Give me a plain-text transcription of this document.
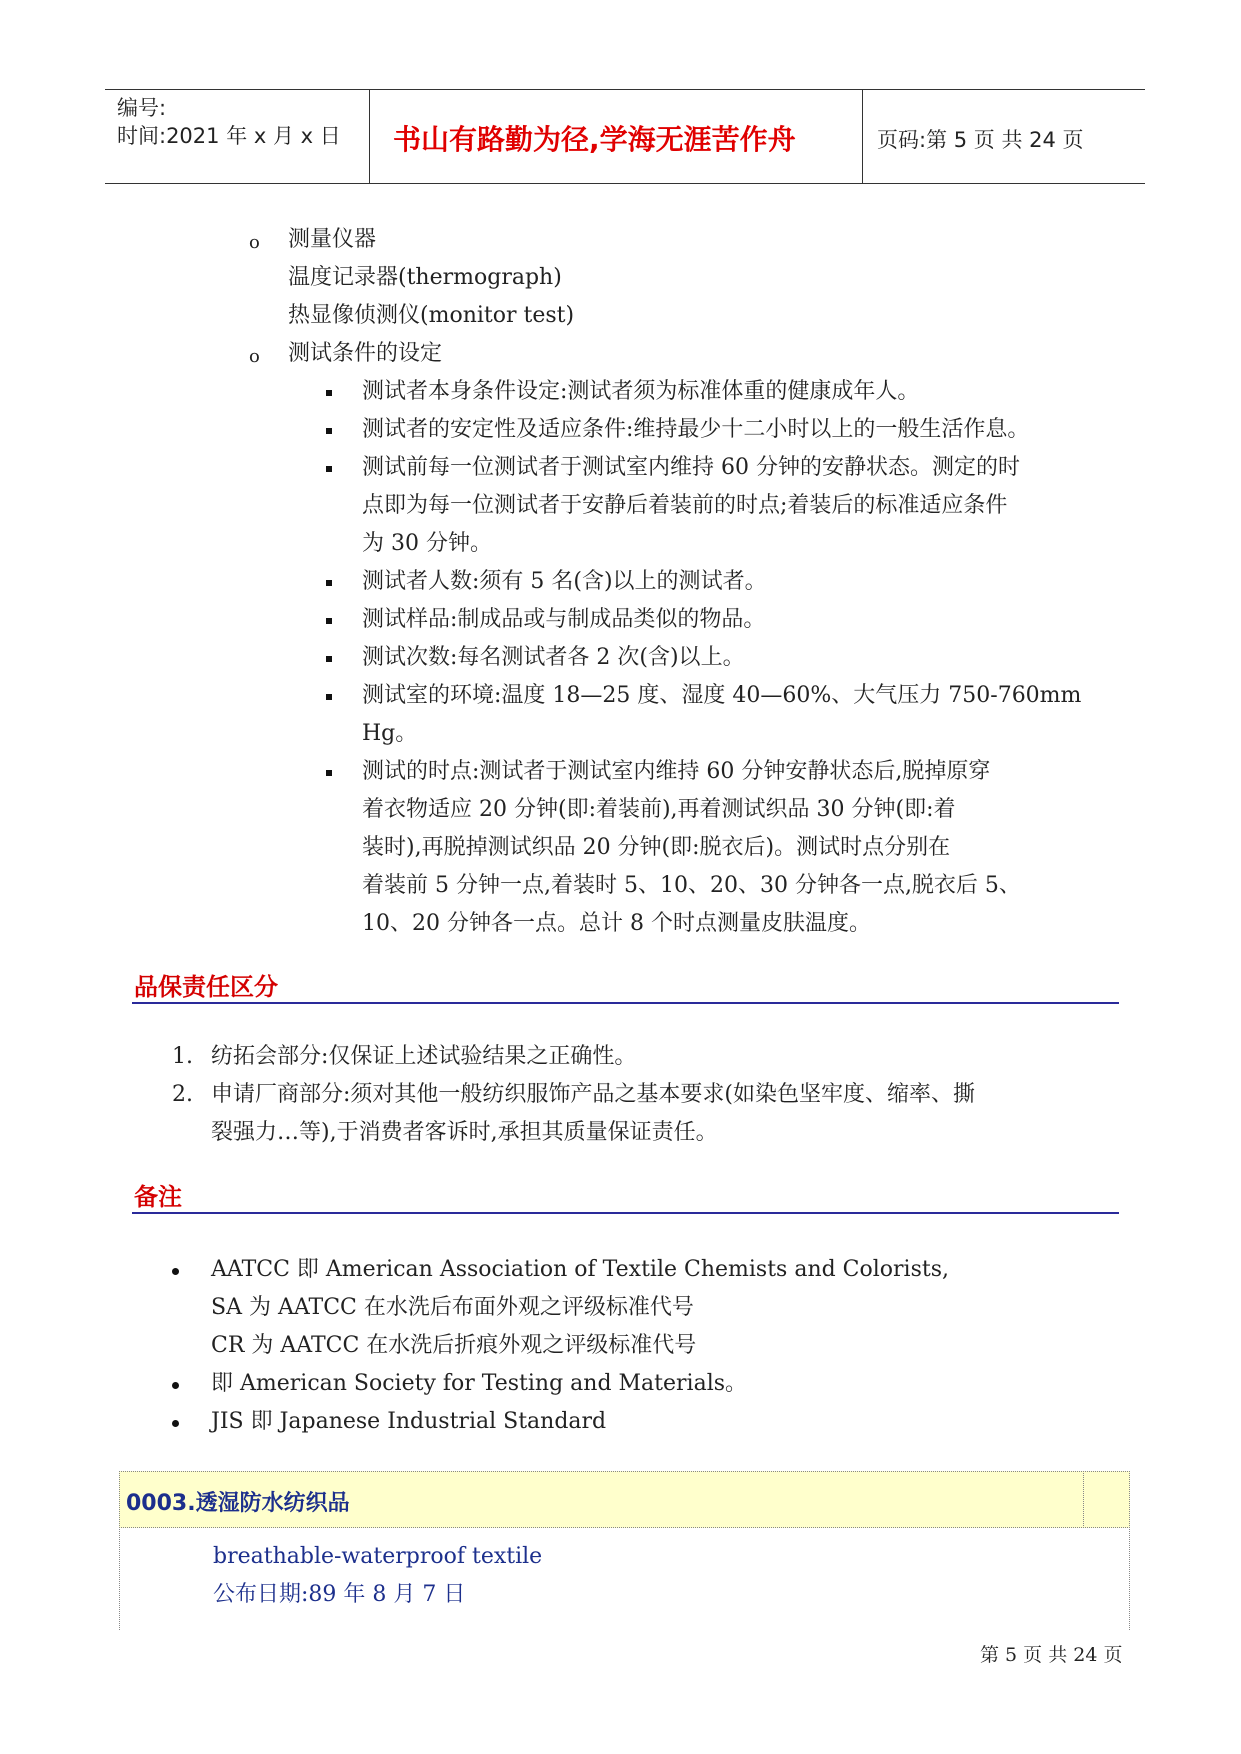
编号:
时间:2021 年 x 月 x 日 书山有路勤为径,学海无涯苦作舟	页码:第 5 页 共 24 页
o 测量仪器
温度记录器(thermograph)
热显像侦测仪(monitor test)
o 测试条件的设定
测试者本身条件设定:测试者须为标准体重的健康成年人。
测试者的安定性及适应条件:维持最少十二小时以上的一般生活作息。
测试前每一位测试者于测试室内维持 60 分钟的安静状态。测定的时
点即为每一位测试者于安静后着装前的时点;着装后的标准适应条件
为 30 分钟。
测试者人数:须有 5 名(含)以上的测试者。
测试样品:制成品或与制成品类似的物品。
测试次数:每名测试者各 2 次(含)以上。
测试室的环境:温度 18—25 度、湿度 40—60%、大气压力 750-760mm
Hg。
测试的时点:测试者于测试室内维持 60 分钟安静状态后,脱掉原穿
着衣物适应 20 分钟(即:着装前),再着测试织品 30 分钟(即:着
装时),再脱掉测试织品 20 分钟(即:脱衣后)。测试时点分别在
着装前 5 分钟一点,着装时 5、10、20、30 分钟各一点,脱衣后 5、
10、20 分钟各一点。总计 8 个时点测量皮肤温度。
品保责任区分
1. 纺拓会部分:仅保证上述试验结果之正确性。
2. 申请厂商部分:须对其他一般纺织服饰产品之基本要求(如染色坚牢度、缩率、撕
裂强力…等),于消费者客诉时,承担其质量保证责任。
备注
AATCC 即 American Association of Textile Chemists and Colorists,
SA 为 AATCC 在水洗后布面外观之评级标准代号
CR 为 AATCC 在水洗后折痕外观之评级标准代号
即 American Society for Testing and Materials。
JIS 即 Japanese Industrial Standard
0003.透湿防水纺织品
breathable-waterproof textile
公布日期:89 年 8 月 7 日
第 5 页 共 24 页
